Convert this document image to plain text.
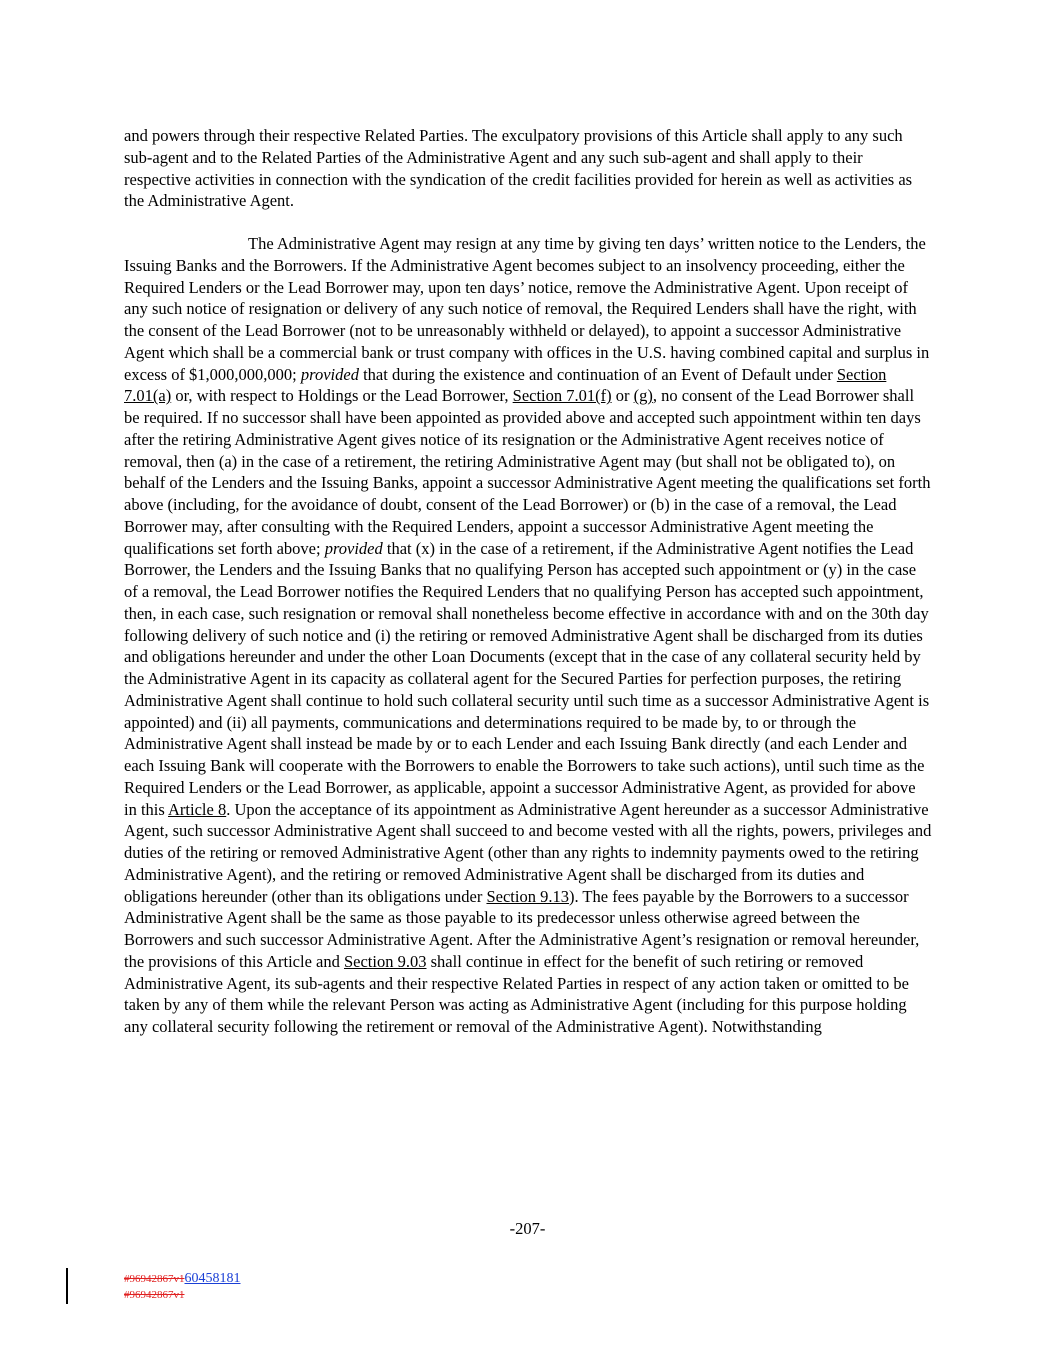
and powers through their respective Related Parties. The exculpatory provisions of this Article shall apply to any such sub-agent and to the Related Parties of the Administrative Agent and any such sub-agent and shall apply to their respective activities in connection with the syndication of the credit facilities provided for herein as well as activities as the Administrative Agent.

The Administrative Agent may resign at any time by giving ten days’ written notice to the Lenders, the Issuing Banks and the Borrowers. If the Administrative Agent becomes subject to an insolvency proceeding, either the Required Lenders or the Lead Borrower may, upon ten days’ notice, remove the Administrative Agent. Upon receipt of any such notice of resignation or delivery of any such notice of removal, the Required Lenders shall have the right, with the consent of the Lead Borrower (not to be unreasonably withheld or delayed), to appoint a successor Administrative Agent which shall be a commercial bank or trust company with offices in the U.S. having combined capital and surplus in excess of $1,000,000,000; provided that during the existence and continuation of an Event of Default under Section 7.01(a) or, with respect to Holdings or the Lead Borrower, Section 7.01(f) or (g), no consent of the Lead Borrower shall be required. If no successor shall have been appointed as provided above and accepted such appointment within ten days after the retiring Administrative Agent gives notice of its resignation or the Administrative Agent receives notice of removal, then (a) in the case of a retirement, the retiring Administrative Agent may (but shall not be obligated to), on behalf of the Lenders and the Issuing Banks, appoint a successor Administrative Agent meeting the qualifications set forth above (including, for the avoidance of doubt, consent of the Lead Borrower) or (b) in the case of a removal, the Lead Borrower may, after consulting with the Required Lenders, appoint a successor Administrative Agent meeting the qualifications set forth above; provided that (x) in the case of a retirement, if the Administrative Agent notifies the Lead Borrower, the Lenders and the Issuing Banks that no qualifying Person has accepted such appointment or (y) in the case of a removal, the Lead Borrower notifies the Required Lenders that no qualifying Person has accepted such appointment, then, in each case, such resignation or removal shall nonetheless become effective in accordance with and on the 30th day following delivery of such notice and (i) the retiring or removed Administrative Agent shall be discharged from its duties and obligations hereunder and under the other Loan Documents (except that in the case of any collateral security held by the Administrative Agent in its capacity as collateral agent for the Secured Parties for perfection purposes, the retiring Administrative Agent shall continue to hold such collateral security until such time as a successor Administrative Agent is appointed) and (ii) all payments, communications and determinations required to be made by, to or through the Administrative Agent shall instead be made by or to each Lender and each Issuing Bank directly (and each Lender and each Issuing Bank will cooperate with the Borrowers to enable the Borrowers to take such actions), until such time as the Required Lenders or the Lead Borrower, as applicable, appoint a successor Administrative Agent, as provided for above in this Article 8. Upon the acceptance of its appointment as Administrative Agent hereunder as a successor Administrative Agent, such successor Administrative Agent shall succeed to and become vested with all the rights, powers, privileges and duties of the retiring or removed Administrative Agent (other than any rights to indemnity payments owed to the retiring Administrative Agent), and the retiring or removed Administrative Agent shall be discharged from its duties and obligations hereunder (other than its obligations under Section 9.13). The fees payable by the Borrowers to a successor Administrative Agent shall be the same as those payable to its predecessor unless otherwise agreed between the Borrowers and such successor Administrative Agent. After the Administrative Agent’s resignation or removal hereunder, the provisions of this Article and Section 9.03 shall continue in effect for the benefit of such retiring or removed Administrative Agent, its sub-agents and their respective Related Parties in respect of any action taken or omitted to be taken by any of them while the relevant Person was acting as Administrative Agent (including for this purpose holding any collateral security following the retirement or removal of the Administrative Agent). Notwithstanding

-207-
#96942867v160458181
#96942867v1
